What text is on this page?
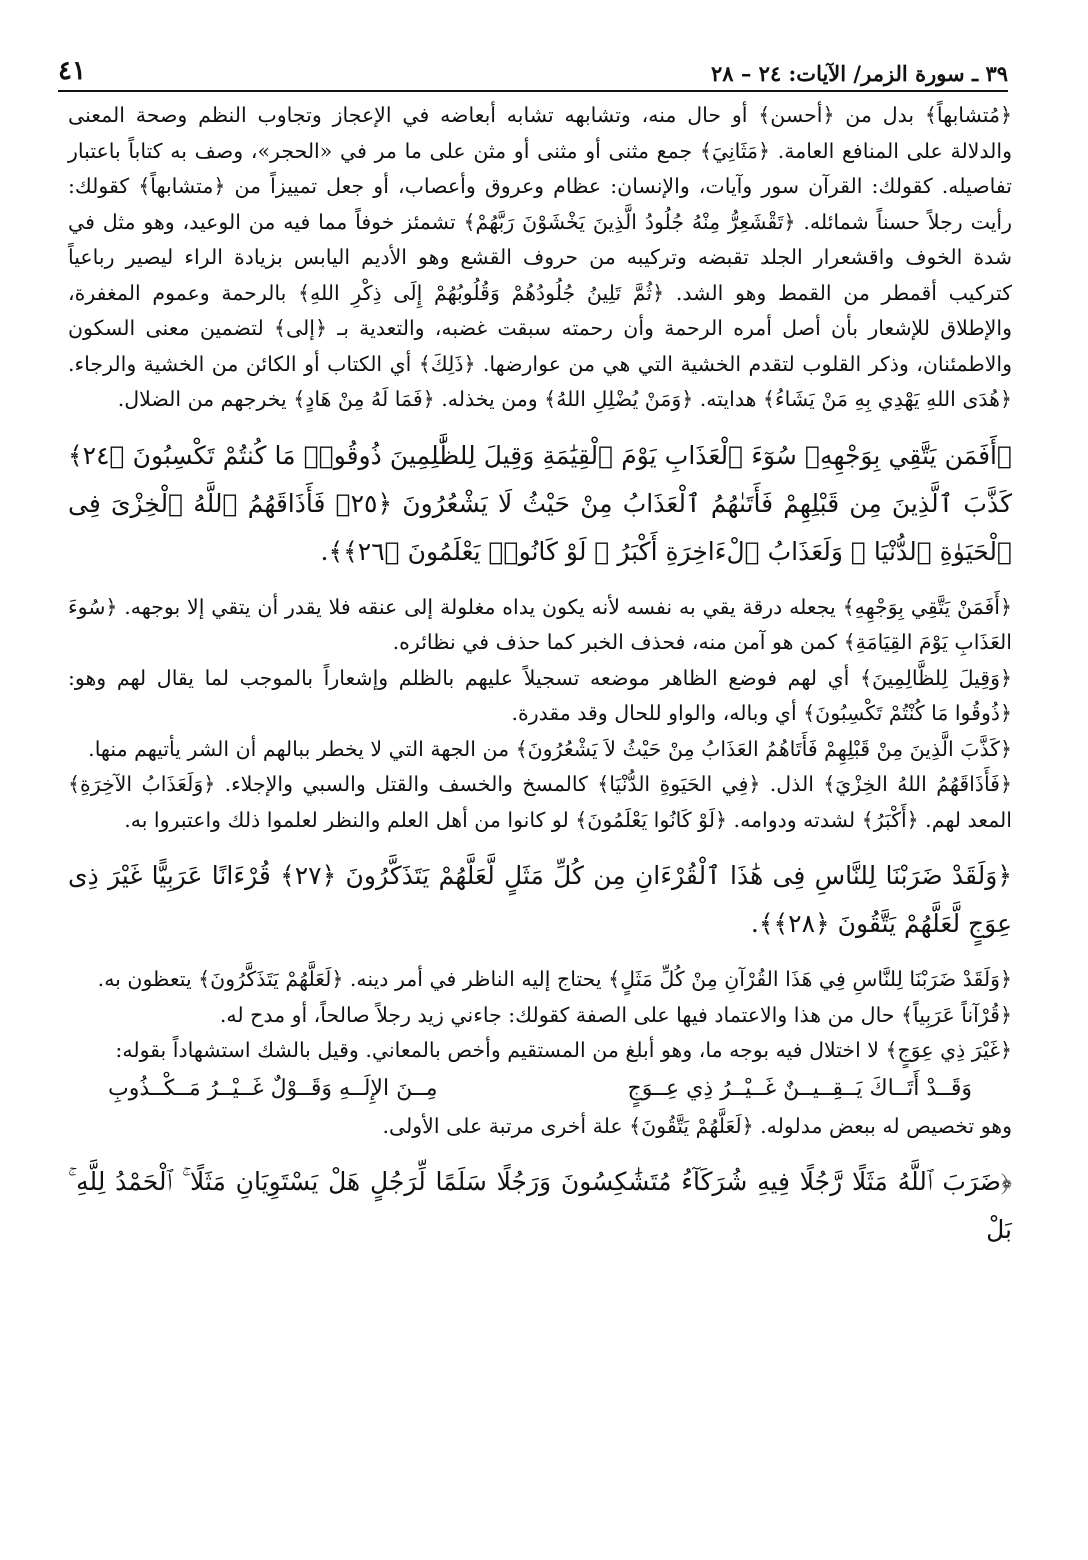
٣٩ ـ سورة الزمر/ الآيات: ٢٤ – ٢٨
٤١

﴿مُتشابهاً﴾ بدل من ﴿أحسن﴾ أو حال منه، وتشابهه تشابه أبعاضه في الإعجاز وتجاوب النظم وصحة المعنى والدلالة على المنافع العامة. ﴿مَثَانِيَ﴾ جمع مثنى أو مثنى أو مثن على ما مر في «الحجر»، وصف به كتاباً باعتبار تفاصيله. كقولك: القرآن سور وآيات، والإنسان: عظام وعروق وأعصاب، أو جعل تمييزاً من ﴿متشابهاً﴾ كقولك: رأيت رجلاً حسناً شمائله. ﴿تَقْشَعِرُّ مِنْهُ جُلُودُ الَّذِينَ يَخْشَوْنَ رَبَّهُمْ﴾ تشمئز خوفاً مما فيه من الوعيد، وهو مثل في شدة الخوف واقشعرار الجلد تقبضه وتركيبه من حروف القشع وهو الأديم اليابس بزيادة الراء ليصير رباعياً كتركيب أقمطر من القمط وهو الشد. ﴿ثُمَّ تَلِينُ جُلُودُهُمْ وَقُلُوبُهُمْ إِلَى ذِكْرِ اللهِ﴾ بالرحمة وعموم المغفرة، والإطلاق للإشعار بأن أصل أمره الرحمة وأن رحمته سبقت غضبه، والتعدية بـ ﴿إلى﴾ لتضمين معنى السكون والاطمئنان، وذكر القلوب لتقدم الخشية التي هي من عوارضها. ﴿ذَلِكَ﴾ أي الكتاب أو الكائن من الخشية والرجاء. ﴿هُدَى اللهِ يَهْدِي بِهِ مَنْ يَشَاءُ﴾ هدايته. ﴿وَمَنْ يُضْلِلِ اللهُ﴾ ومن يخذله. ﴿فَمَا لَهُ مِنْ هَادٍ﴾ يخرجهم من الضلال.

﴿أَفَمَن يَتَّقِي بِوَجْهِهِۦ سُوٓءَ ٱلْعَذَابِ يَوْمَ ٱلْقِيَٰمَةِ وَقِيلَ لِلظَّٰلِمِينَ ذُوقُوا۟ مَا كُنتُمْ تَكْسِبُونَ ﴿٢٤﴾ كَذَّبَ ٱلَّذِينَ مِن قَبْلِهِمْ فَأَتَىٰهُمُ ٱلْعَذَابُ مِنْ حَيْثُ لَا يَشْعُرُونَ ﴿٢٥﴾ فَأَذَاقَهُمُ ٱللَّهُ ٱلْخِزْىَ فِى ٱلْحَيَوٰةِ ٱلدُّنْيَا ۖ وَلَعَذَابُ ٱلْءَاخِرَةِ أَكْبَرُ ۚ لَوْ كَانُوا۟ يَعْلَمُونَ ﴿٢٦﴾﴾.

﴿أَفَمَنْ يَتَّقِي بِوَجْهِهِ﴾ يجعله درقة يقي به نفسه لأنه يكون يداه مغلولة إلى عنقه فلا يقدر أن يتقي إلا بوجهه. ﴿سُوءَ العَذَابِ يَوْمَ القِيَامَةِ﴾ كمن هو آمن منه، فحذف الخبر كما حذف في نظائره.

﴿وَقِيلَ لِلظَّالِمِينَ﴾ أي لهم فوضع الظاهر موضعه تسجيلاً عليهم بالظلم وإشعاراً بالموجب لما يقال لهم وهو: ﴿ذُوقُوا مَا كُنْتُمْ تَكْسِبُونَ﴾ أي وباله، والواو للحال وقد مقدرة.

﴿كَذَّبَ الَّذِينَ مِنْ قَبْلِهِمْ فَأَتَاهُمُ العَذَابُ مِنْ حَيْثُ لاَ يَشْعُرُونَ﴾ من الجهة التي لا يخطر ببالهم أن الشر يأتيهم منها.

﴿فَأَذَاقَهُمُ اللهُ الخِزْيَ﴾ الذل. ﴿فِي الحَيَوةِ الدُّنْيَا﴾ كالمسخ والخسف والقتل والسبي والإجلاء. ﴿وَلَعَذَابُ الآخِرَةِ﴾ المعد لهم. ﴿أَكْبَرُ﴾ لشدته ودوامه. ﴿لَوْ كَانُوا يَعْلَمُونَ﴾ لو كانوا من أهل العلم والنظر لعلموا ذلك واعتبروا به.

﴿وَلَقَدْ ضَرَبْنَا لِلنَّاسِ فِى هَٰذَا ٱلْقُرْءَانِ مِن كُلِّ مَثَلٍ لَّعَلَّهُمْ يَتَذَكَّرُونَ ﴿٢٧﴾ قُرْءَانًا عَرَبِيًّا غَيْرَ ذِى عِوَجٍ لَّعَلَّهُمْ يَتَّقُونَ ﴿٢٨﴾﴾.

﴿وَلَقَدْ ضَرَبْنَا لِلنَّاسِ فِي هَذَا القُرْآنِ مِنْ كُلِّ مَثَلٍ﴾ يحتاج إليه الناظر في أمر دينه. ﴿لَعَلَّهُمْ يَتَذَكَّرُونَ﴾ يتعظون به.

﴿قُرْآناً عَرَبِياً﴾ حال من هذا والاعتماد فيها على الصفة كقولك: جاءني زيد رجلاً صالحاً، أو مدح له.

﴿غَيْرَ ذِي عِوَجٍ﴾ لا اختلال فيه بوجه ما، وهو أبلغ من المستقيم وأخص بالمعاني. وقيل بالشك استشهاداً بقوله:

وَقَــدْ أَتَــاكَ يَــقِــيــنٌ غَــيْــرُ ذِي عِــوَجٍ
مِــنَ الإِلَــهِ وَقَــوْلٌ غَــيْــرُ مَــكْــذُوبِ

وهو تخصيص له ببعض مدلوله. ﴿لَعَلَّهُمْ يَتَّقُونَ﴾ علة أخرى مرتبة على الأولى.

﴿ضَرَبَ ٱللَّهُ مَثَلًا رَّجُلًا فِيهِ شُرَكَآءُ مُتَشَٰكِسُونَ وَرَجُلًا سَلَمًا لِّرَجُلٍ هَلْ يَسْتَوِيَانِ مَثَلًا ۚ ٱلْحَمْدُ لِلَّهِ ۚ بَلْ
